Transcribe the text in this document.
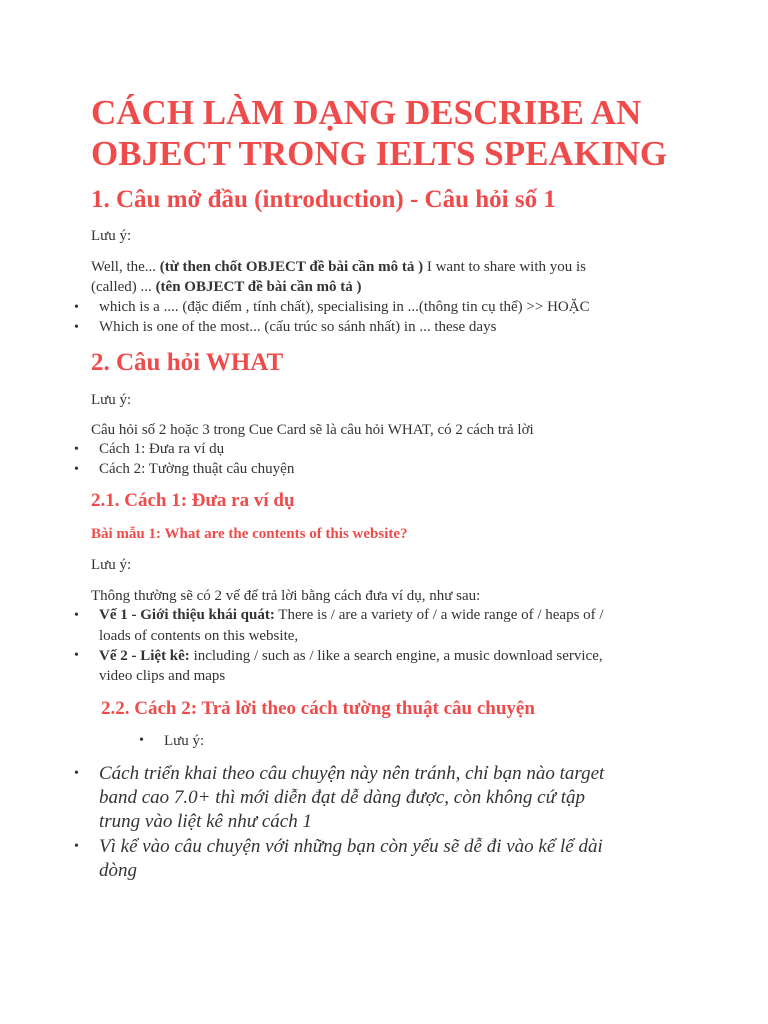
CÁCH LÀM DẠNG DESCRIBE AN
OBJECT TRONG IELTS SPEAKING
1. Câu mở đầu (introduction) - Câu hỏi số 1
Lưu ý:
Well, the... (từ then chốt OBJECT đề bài cần mô tả ) I want to share with you is
(called) ... (tên OBJECT đề bài cần mô tả )
• which is a .... (đặc điểm , tính chất), specialising in ...(thông tin cụ thể) >> HOẶC
• Which is one of the most... (cấu trúc so sánh nhất) in ... these days
2. Câu hỏi WHAT
Lưu ý:
Câu hỏi số 2 hoặc 3 trong Cue Card sẽ là câu hỏi WHAT, có 2 cách trả lời
• Cách 1: Đưa ra ví dụ
• Cách 2: Tường thuật câu chuyện
2.1. Cách 1: Đưa ra ví dụ
Bài mẫu 1: What are the contents of this website?
Lưu ý:
Thông thường sẽ có 2 vế để trả lời bằng cách đưa ví dụ, như sau:
• Vế 1 - Giới thiệu khái quát: There is / are a variety of / a wide range of / heaps of /
loads of contents on this website,
• Vế 2 - Liệt kê: including / such as / like a search engine, a music download service,
video clips and maps
2.2. Cách 2: Trả lời theo cách tường thuật câu chuyện
• Lưu ý:
• Cách triển khai theo câu chuyện này nên tránh, chỉ bạn nào target
band cao 7.0+ thì mới diễn đạt dễ dàng được, còn không cứ tập
trung vào liệt kê như cách 1
• Vì kể vào câu chuyện với những bạn còn yếu sẽ dễ đi vào kể lể dài
dòng
